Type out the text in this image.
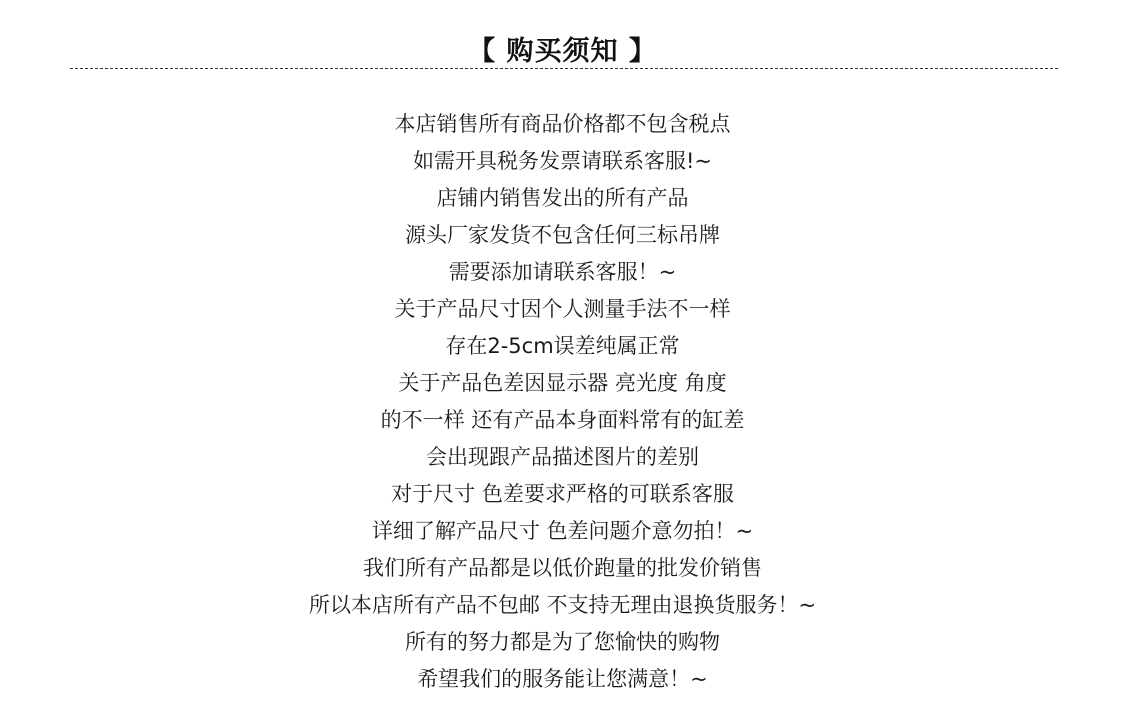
【 购买须知 】
本店销售所有商品价格都不包含税点
如需开具税务发票请联系客服!~
店铺内销售发出的所有产品
源头厂家发货不包含任何三标吊牌
需要添加请联系客服！~
关于产品尺寸因个人测量手法不一样
存在2-5cm误差纯属正常
关于产品色差因显示器 亮光度 角度
的不一样 还有产品本身面料常有的缸差
会出现跟产品描述图片的差别
对于尺寸 色差要求严格的可联系客服
详细了解产品尺寸 色差问题介意勿拍！~
我们所有产品都是以低价跑量的批发价销售
所以本店所有产品不包邮 不支持无理由退换货服务！~
所有的努力都是为了您愉快的购物
希望我们的服务能让您满意！~
